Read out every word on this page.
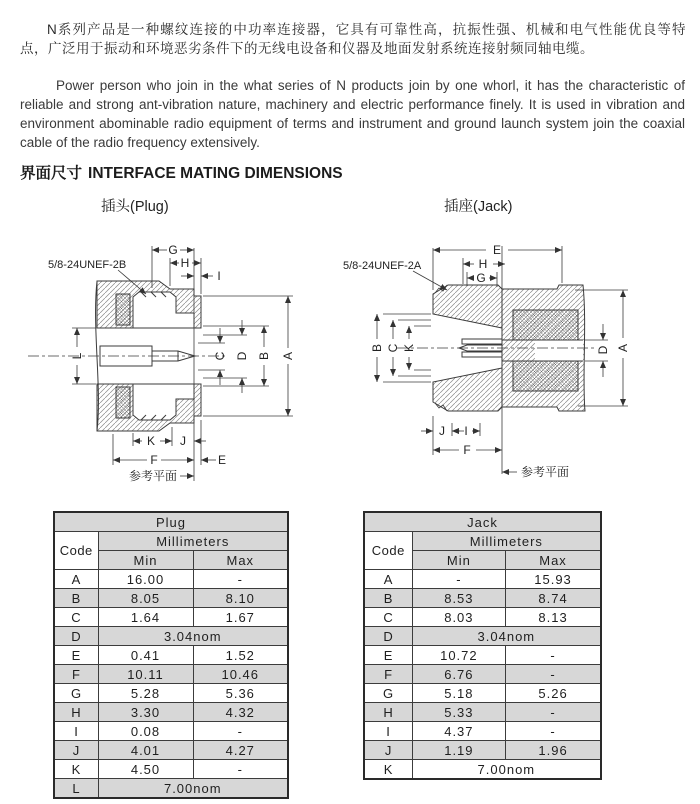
N系列产品是一种螺纹连接的中功率连接器，它具有可靠性高，抗振性强、机械和电气性能优良等特点，广泛用于振动和环境恶劣条件下的无线电设备和仪器及地面发射系统连接射频同轴电缆。

Power person who join in the what series of N products join by one whorl, it has the characteristic of reliable and strong ant-vibration nature, machinery and electric performance finely. It is used in vibration and environment abominable radio equipment of terms and instrument and ground launch system join the coaxial cable of the radio frequency extensively.

界面尺寸 INTERFACE MATING DIMENSIONS
插头(Plug)	插座(Jack)
5/8-24UNEF-2B
G
H
I
L	C D B A
K J
F	E
参考平面
5/8-24UNEF-2A
E
H
G
B C K	D A
J I
F
参考平面
Plug		
Code	Millimeters	
	Min	Max
A	16.00	-
B	8.05	8.10
C	1.64	1.67
D	3.04nom	
E	0.41	1.52
F	10.11	10.46
G	5.28	5.36
H	3.30	4.32
I	0.08	-
J	4.01	4.27
K	4.50	-
L	7.00nom	
Jack		
Code	Millimeters	
	Min	Max
A	-	15.93
B	8.53	8.74
C	8.03	8.13
D	3.04nom	
E	10.72	-
F	6.76	-
G	5.18	5.26
H	5.33	-
I	4.37	-
J	1.19	1.96
K	7.00nom	
